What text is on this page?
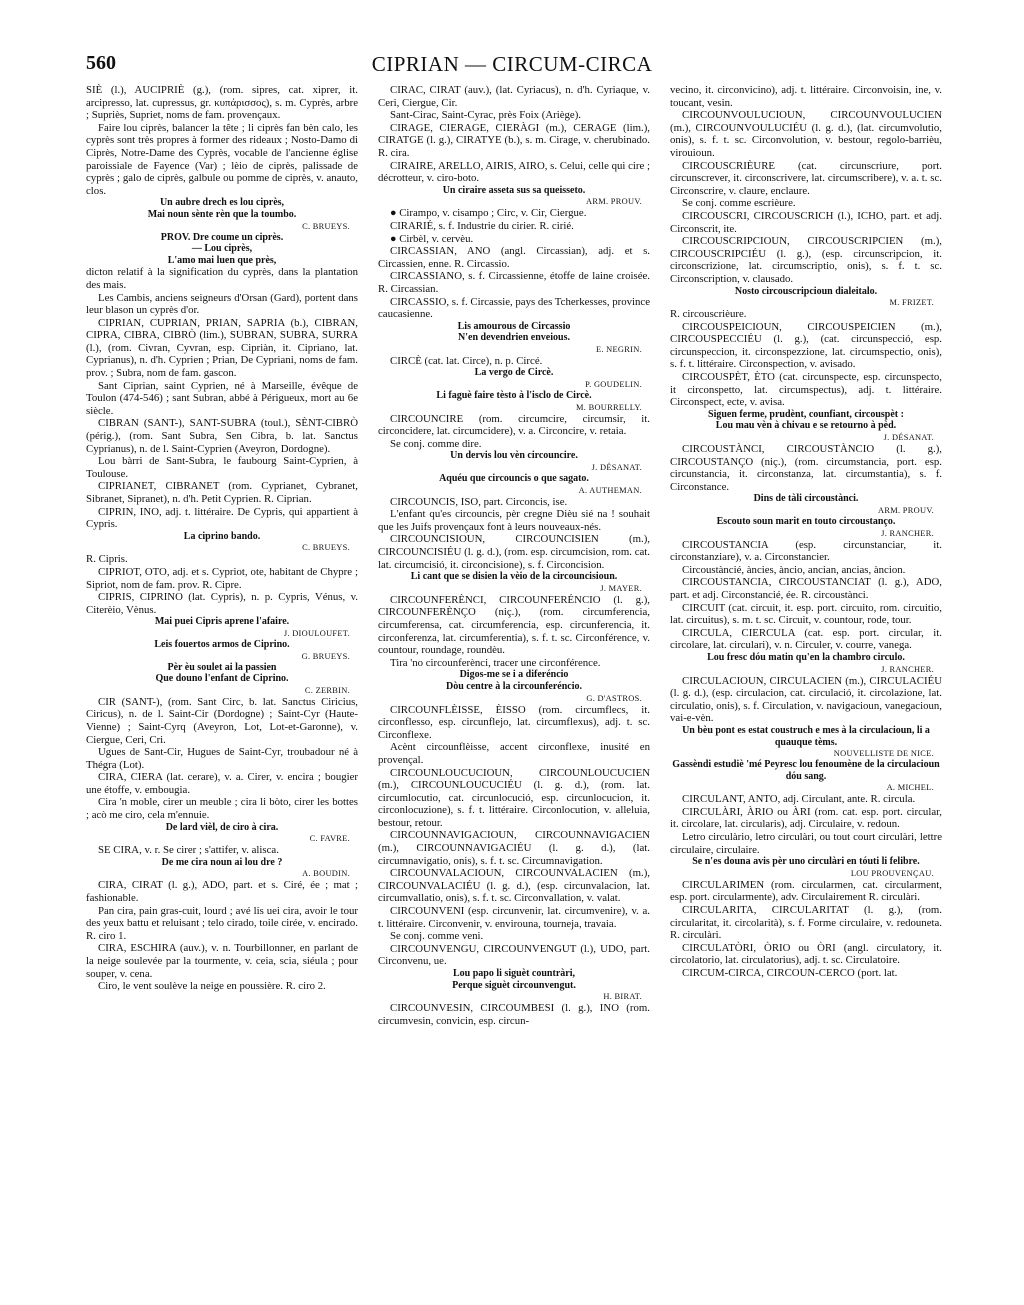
560	CIPRIAN — CIRCUM-CIRCA

SIÈ (l.), AUCIPRIÈ (g.), (rom. sipres, cat. xiprer, it. arcipresso, lat. cupressus, gr. κυπάρισσος), s. m. Cyprès, arbre ; Supriès, Supriet, noms de fam. provençaux.

Faire lou ciprès, balancer la tête ; li ciprès fan bèn calo, les cyprès sont très propres à former des rideaux ; Nosto-Damo di Ciprès, Notre-Dame des Cyprès, vocable de l'ancienne église paroissiale de Fayence (Var) ; lèio de ciprès, palissade de cyprès ; galo de ciprès, galbule ou pomme de ciprès, v. anauto, clos.

Un aubre drech es lou ciprès,

Mai noun sènte rèn que la toumbo.

C. BRUEYS.

PROV. Dre coume un ciprès.

— Lou ciprès,

L'amo mai luen que près,

dicton relatif à la signification du cyprès, dans la plantation des mais.

Les Cambis, anciens seigneurs d'Orsan (Gard), portent dans leur blason un cyprès d'or.

CIPRIAN, CUPRIAN, PRIAN, SAPRIA (b.), CIBRAN, CIPRA, CIBRA, CIBRÒ (lim.), SUBRAN, SUBRA, SURRA (l.), (rom. Civran, Cyvran, esp. Cipriàn, it. Cipriano, lat. Cyprianus), n. d'h. Cyprien ; Prian, De Cypriani, noms de fam. prov. ; Subra, nom de fam. gascon.

Sant Ciprian, saint Cyprien, né à Marseille, évêque de Toulon (474-546) ; sant Subran, abbé à Périgueux, mort au 6e siècle.

CIBRAN (SANT-), SANT-SUBRA (toul.), SÈNT-CIBRÒ (périg.), (rom. Sant Subra, Sen Cibra, b. lat. Sanctus Cyprianus), n. de l. Saint-Cyprien (Aveyron, Dordogne).

Lou bàrri de Sant-Subra, le faubourg Saint-Cyprien, à Toulouse.

CIPRIANET, CIBRANET (rom. Cyprianet, Cybranet, Sibranet, Sipranet), n. d'h. Petit Cyprien. R. Ciprian.

CIPRIN, INO, adj. t. littéraire. De Cypris, qui appartient à Cypris.

La ciprino bando.

C. BRUEYS.

R. Cipris.

CIPRIOT, OTO, adj. et s. Cypriot, ote, habitant de Chypre ; Sipriot, nom de fam. prov. R. Cipre.

CIPRIS, CIPRINO (lat. Cypris), n. p. Cypris, Vénus, v. Citerèio, Vènus.

Mai puei Cipris aprene l'afaire.

J. DIOULOUFET.

Leis fouertos armos de Ciprino.

G. BRUEYS.

Pèr èu soulet ai la passien

Que douno l'enfant de Ciprino.

C. ZERBIN.

CIR (SANT-), (rom. Sant Circ, b. lat. Sanctus Ciricius, Ciricus), n. de l. Saint-Cir (Dordogne) ; Saint-Cyr (Haute-Vienne) ; Saint-Cyrq (Aveyron, Lot, Lot-et-Garonne), v. Ciergue, Ceri, Cri.

Ugues de Sant-Cir, Hugues de Saint-Cyr, troubadour né à Thégra (Lot).

CIRA, CIERA (lat. cerare), v. a. Cirer, v. encira ; bougier une étoffe, v. embougia.

Cira 'n moble, cirer un meuble ; cira li bòto, cirer les bottes ; acò me ciro, cela m'ennuie.

De lard vièl, de ciro à cira.

C. FAVRE.

SE CIRA, v. r. Se cirer ; s'attifer, v. alisca.

De me cira noun ai lou dre ?

A. BOUDIN.

CIRA, CIRAT (l. g.), ADO, part. et s. Ciré, ée ; mat ; fashionable.

Pan cira, pain gras-cuit, lourd ; avé lis uei cira, avoir le tour des yeux battu et reluisant ; telo cirado, toile cirée, v. encirado. R. ciro 1.

CIRA, ESCHIRA (auv.), v. n. Tourbillonner, en parlant de la neige soulevée par la tourmente, v. ceia, scia, siéula ; pour souper, v. cena.

Ciro, le vent soulève la neige en poussière. R. ciro 2.

CIRAC, CIRAT (auv.), (lat. Cyriacus), n. d'h. Cyriaque, v. Ceri, Ciergue, Cir.

Sant-Cirac, Saint-Cyrac, près Foix (Ariège).

CIRAGE, CIERAGE, CIERÀGI (m.), CERAGE (lim.), CIRATGE (l. g.), CIRATYE (b.), s. m. Cirage, v. cherubinado. R. cira.

CIRAIRE, ARELLO, AIRIS, AIRO, s. Celui, celle qui cire ; décrotteur, v. ciro-boto.

Un ciraire asseta sus sa queisseto.

ARM. PROUV.

● Cirampo, v. cisampo ; Circ, v. Cir, Ciergue.

CIRARIÉ, s. f. Industrie du cirier. R. cirié.

● Cirbèl, v. cervèu.

CIRCASSIAN, ANO (angl. Circassian), adj. et s. Circassien, enne. R. Circassio.

CIRCASSIANO, s. f. Circassienne, étoffe de laine croisée. R. Circassian.

CIRCASSIO, s. f. Circassie, pays des Tcherkesses, province caucasienne.

Lis amourous de Circassio

N'en devendrien enveious.

E. NEGRIN.

CIRCÈ (cat. lat. Circe), n. p. Circé.

La vergo de Circè.

P. GOUDELIN.

Li faguè faire tèsto à l'isclo de Circè.

M. BOURRELLY.

CIRCOUNCIRE (rom. circumcire, circumsir, it. circoncidere, lat. circumcidere), v. a. Circoncire, v. retaia.

Se conj. comme dire.

Un dervis lou vèn circouncire.

J. DÉSANAT.

Aquéu que circouncis o que sagato.

A. AUTHEMAN.

CIRCOUNCIS, ISO, part. Circoncis, ise.

L'enfant qu'es circouncis, pèr cregne Dièu sié na ! souhait que les Juifs provençaux font à leurs nouveaux-nés.

CIRCOUNCISIOUN, CIRCOUNCISIEN (m.), CIRCOUNCISIÉU (l. g. d.), (rom. esp. circumcision, rom. cat. lat. circumcisió, it. circoncisione), s. f. Circoncision.

Li cant que se disien la vèio de la circouncisioun.

J. MAYER.

CIRCOUNFERÈNCI, CIRCOUNFERÉNCIO (l. g.), CIRCOUNFERÈNÇO (niç.), (rom. circumferencia, circumferensa, cat. circumferencia, esp. circunferencia, it. circonferenza, lat. circumferentia), s. f. t. sc. Circonférence, v. countour, roundage, roundèu.

Tira 'no circounferènci, tracer une circonférence.

Digos-me se i a diferéncio

Dòu centre à la circounferéncio.

G. D'ASTROS.

CIRCOUNFLÈISSE, ÈISSO (rom. circumflecs, it. circonflesso, esp. circunflejo, lat. circumflexus), adj. t. sc. Circonflexe.

Acènt circounflèisse, accent circonflexe, inusité en provençal.

CIRCOUNLOUCUCIOUN, CIRCOUNLOUCUCIEN (m.), CIRCOUNLOUCUCIÉU (l. g. d.), (rom. lat. circumlocutio, cat. circunlocució, esp. circunlocucion, it. circonlocuzione), s. f. t. littéraire. Circonlocution, v. alleluia, bestour, retour.

CIRCOUNNAVIGACIOUN, CIRCOUNNAVIGACIEN (m.), CIRCOUNNAVIGACIÉU (l. g. d.), (lat. circumnavigatio, onis), s. f. t. sc. Circumnavigation.

CIRCOUNVALACIOUN, CIRCOUNVALACIEN (m.), CIRCOUNVALACIÉU (l. g. d.), (esp. circunvalacion, lat. circumvallatio, onis), s. f. t. sc. Circonvallation, v. valat.

CIRCOUNVENI (esp. circunvenir, lat. circumvenire), v. a. t. littéraire. Circonvenir, v. envirouna, tourneja, travaia.

Se conj. comme veni.

CIRCOUNVENGU, CIRCOUNVENGUT (l.), UDO, part. Circonvenu, ue.

Lou papo li siguèt countràri,

Perque siguèt circounvengut.

H. BIRAT.

CIRCOUNVESIN, CIRCOUMBESI (l. g.), INO (rom. circumvesin, convicin, esp. circun-

vecino, it. circonvicino), adj. t. littéraire. Circonvoisin, ine, v. toucant, vesin.

CIRCOUNVOULUCIOUN, CIRCOUNVOULUCIEN (m.), CIRCOUNVOULUCIÉU (l. g. d.), (lat. circumvolutio, onis), s. f. t. sc. Circonvolution, v. bestour, regolo-barrièu, virouioun.

CIRCOUSCRIÈURE (cat. circunscriure, port. circunscrever, it. circonscrivere, lat. circumscribere), v. a. t. sc. Circonscrire, v. claure, enclaure.

Se conj. comme escrièure.

CIRCOUSCRI, CIRCOUSCRICH (l.), ICHO, part. et adj. Circonscrit, ite.

CIRCOUSCRIPCIOUN, CIRCOUSCRIPCIEN (m.), CIRCOUSCRIPCIÉU (l. g.), (esp. circunscripcion, it. circonscrizione, lat. circumscriptio, onis), s. f. t. sc. Circonscription, v. clausado.

Nosto circouscripcioun dialeitalo.

M. FRIZET.

R. circouscrièure.

CIRCOUSPEICIOUN, CIRCOUSPEICIEN (m.), CIRCOUSPECCIÉU (l. g.), (cat. circunspecció, esp. circunspeccion, it. circonspezzione, lat. circumspectio, onis), s. f. t. littéraire. Circonspection, v. avisado.

CIRCOUSPÈT, ÈTO (cat. circunspecte, esp. circunspecto, it circonspetto, lat. circumspectus), adj. t. littéraire. Circonspect, ecte, v. avisa.

Siguen ferme, prudènt, counfiant, circouspèt :

Lou mau vèn à chivau e se retourno à pèd.

J. DÉSANAT.

CIRCOUSTÀNCI, CIRCOUSTÀNCIO (l. g.), CIRCOUSTANÇO (niç.), (rom. circumstancia, port. esp. circunstancia, it. circonstanza, lat. circumstantia), s. f. Circonstance.

Dins de tàli circoustànci.

ARM. PROUV.

Escouto soun marit en touto circoustanço.

J. RANCHER.

CIRCOUSTANCIA (esp. circunstanciar, it. circonstanziare), v. a. Circonstancier.

Circoustàncié, àncies, àncio, ancian, ancias, àncion.

CIRCOUSTANCIA, CIRCOUSTANCIAT (l. g.), ADO, part. et adj. Circonstancié, ée. R. circoustànci.

CIRCUIT (cat. circuit, it. esp. port. circuito, rom. circuitio, lat. circuitus), s. m. t. sc. Circuit, v. countour, rode, tour.

CIRCULA, CIERCULA (cat. esp. port. circular, it. circolare, lat. circulari), v. n. Circuler, v. courre, vanega.

Lou fresc dóu matin qu'en la chambro circulo.

J. RANCHER.

CIRCULACIOUN, CIRCULACIEN (m.), CIRCULACIÉU (l. g. d.), (esp. circulacion, cat. circulació, it. circolazione, lat. circulatio, onis), s. f. Circulation, v. navigacioun, vanegacioun, vai-e-vèn.

Un bèu pont es estat coustruch e mes à la circulacioun, li a quauque tèms.

NOUVELLISTE DE NICE.

Gassèndi estudiè 'mé Peyresc lou fenoumène de la circulacioun dóu sang.

A. MICHEL.

CIRCULANT, ANTO, adj. Circulant, ante. R. circula.

CIRCULÀRI, ÀRIO ou ÀRI (rom. cat. esp. port. circular, it. circolare, lat. circularis), adj. Circulaire, v. redoun.

Letro circulàrio, letro circulàri, ou tout court circulàri, lettre circulaire, circulaire.

Se n'es douna avis pèr uno circulàri en tóuti li felibre.

LOU PROUVENÇAU.

CIRCULARIMEN (rom. circularmen, cat. circularment, esp. port. circularmente), adv. Circulairement R. circulàri.

CIRCULARITA, CIRCULARITAT (l. g.), (rom. circularitat, it. circolarità), s. f. Forme circulaire, v. redouneta. R. circulàri.

CIRCULATÒRI, ÒRIO ou ÒRI (angl. circulatory, it. circolatorio, lat. circulatorius), adj. t. sc. Circulatoire.

CIRCUM-CIRCA, CIRCOUN-CERCO (port. lat.
